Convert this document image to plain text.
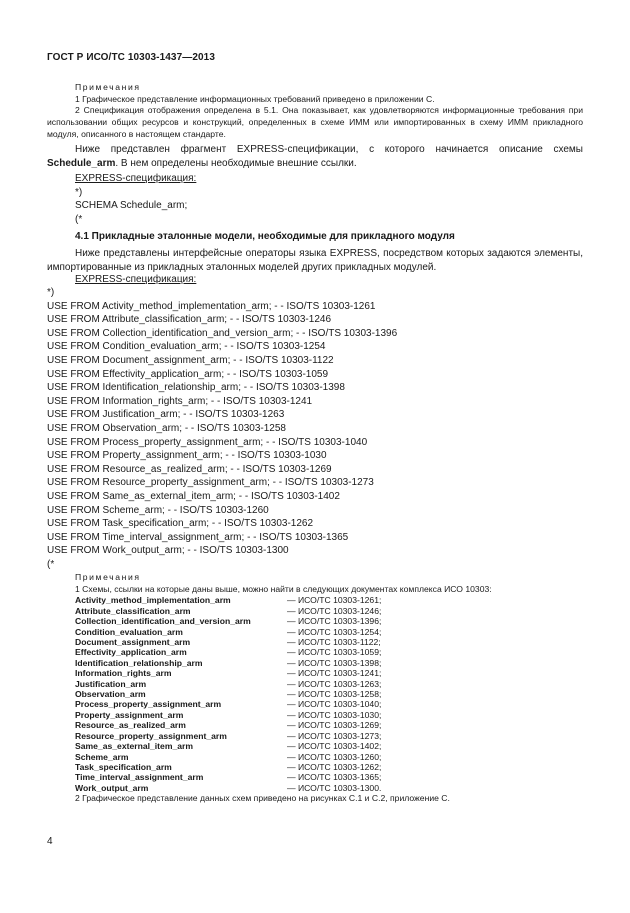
ГОСТ Р ИСО/ТС 10303-1437—2013
Примечания
1 Графическое представление информационных требований приведено в приложении С.
2 Спецификация отображения определена в 5.1. Она показывает, как удовлетворяются информационные требования при использовании общих ресурсов и конструкций, определенных в схеме ИММ или импортированных в схему ИММ прикладного модуля, описанного в настоящем стандарте.
Ниже представлен фрагмент EXPRESS-спецификации, с которого начинается описание схемы Schedule_arm. В нем определены необходимые внешние ссылки.
EXPRESS-спецификация:
*)
SCHEMA Schedule_arm;
(*
4.1 Прикладные эталонные модели, необходимые для прикладного модуля
Ниже представлены интерфейсные операторы языка EXPRESS, посредством которых задаются элементы, импортированные из прикладных эталонных моделей других прикладных модулей.
EXPRESS-спецификация:
*)
USE FROM Activity_method_implementation_arm; - - ISO/TS 10303-1261
USE FROM Attribute_classification_arm; - - ISO/TS 10303-1246
USE FROM Collection_identification_and_version_arm; - - ISO/TS 10303-1396
USE FROM Condition_evaluation_arm; - - ISO/TS 10303-1254
USE FROM Document_assignment_arm; - - ISO/TS 10303-1122
USE FROM Effectivity_application_arm; - - ISO/TS 10303-1059
USE FROM Identification_relationship_arm; - - ISO/TS 10303-1398
USE FROM Information_rights_arm; - - ISO/TS 10303-1241
USE FROM Justification_arm; - - ISO/TS 10303-1263
USE FROM Observation_arm; - - ISO/TS 10303-1258
USE FROM Process_property_assignment_arm; - - ISO/TS 10303-1040
USE FROM Property_assignment_arm; - - ISO/TS 10303-1030
USE FROM Resource_as_realized_arm; - - ISO/TS 10303-1269
USE FROM Resource_property_assignment_arm; - - ISO/TS 10303-1273
USE FROM Same_as_external_item_arm; - - ISO/TS 10303-1402
USE FROM Scheme_arm; - - ISO/TS 10303-1260
USE FROM Task_specification_arm; - - ISO/TS 10303-1262
USE FROM Time_interval_assignment_arm; - - ISO/TS 10303-1365
USE FROM Work_output_arm; - - ISO/TS 10303-1300
(*
Примечания
1 Схемы, ссылки на которые даны выше, можно найти в следующих документах комплекса ИСО 10303:
Activity_method_implementation_arm	— ИСО/ТС 10303-1261;
Attribute_classification_arm	— ИСО/ТС 10303-1246;
Collection_identification_and_version_arm	— ИСО/ТС 10303-1396;
Condition_evaluation_arm	— ИСО/ТС 10303-1254;
Document_assignment_arm	— ИСО/ТС 10303-1122;
Effectivity_application_arm	— ИСО/ТС 10303-1059;
Identification_relationship_arm	— ИСО/ТС 10303-1398;
Information_rights_arm	— ИСО/ТС 10303-1241;
Justification_arm	— ИСО/ТС 10303-1263;
Observation_arm	— ИСО/ТС 10303-1258;
Process_property_assignment_arm	— ИСО/ТС 10303-1040;
Property_assignment_arm	— ИСО/ТС 10303-1030;
Resource_as_realized_arm	— ИСО/ТС 10303-1269;
Resource_property_assignment_arm	— ИСО/ТС 10303-1273;
Same_as_external_item_arm	— ИСО/ТС 10303-1402;
Scheme_arm	— ИСО/ТС 10303-1260;
Task_specification_arm	— ИСО/ТС 10303-1262;
Time_interval_assignment_arm	— ИСО/ТС 10303-1365;
Work_output_arm	— ИСО/ТС 10303-1300.
2 Графическое представление данных схем приведено на рисунках С.1 и С.2, приложение С.
4
